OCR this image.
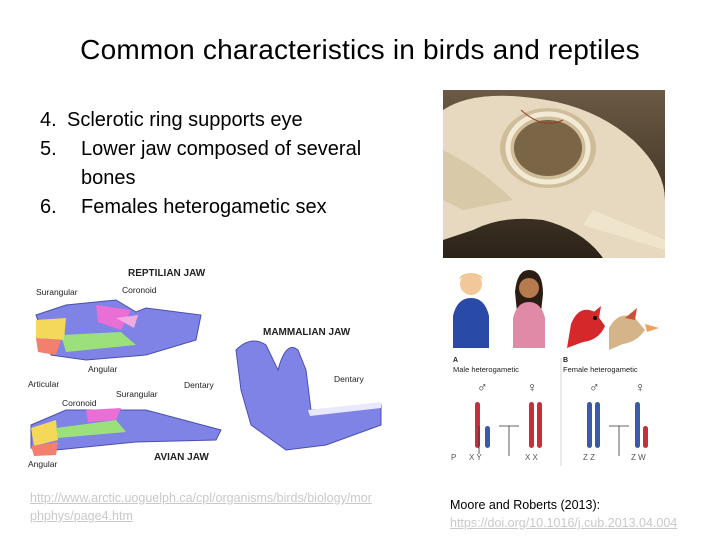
Common characteristics in birds and reptiles
4. Sclerotic ring supports eye
5. Lower jaw composed of several bones
6. Females heterogametic sex
REPTILIAN JAW
Surangular	Coronoid
Angular
Articular	Dentary
Coronoid
Surangular
Angular
AVIAN JAW
MAMMALIAN JAW
Dentary
A
Male heterogametic
B
Female heterogametic
♂	♀	♂	♀
P X Y	X X	Z Z	Z W
http://www.arctic.uoguelph.ca/cpl/organisms/birds/biology/morphphys/page4.htm
Moore and Roberts (2013):
https://doi.org/10.1016/j.cub.2013.04.004
